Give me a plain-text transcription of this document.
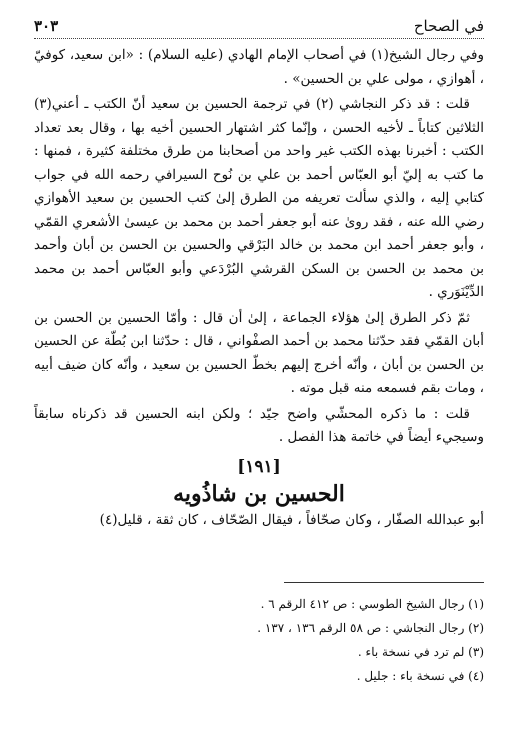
في الصحاح
٣٠٣

وفي رجال الشيخ(١) في أصحاب الإمام الهادي (عليه السلام) : «ابن سعيد، كوفيّ ، أهوازي ، مولى علي بن الحسين» .

قلت : قد ذكر النجاشي (٢) في ترجمة الحسين بن سعيد أنّ الكتب ـ أعني(٣) الثلاثين كتاباً ـ لأخيه الحسن ، وإنّما كثر اشتهار الحسين أخيه بها ، وقال بعد تعداد الكتب : أخبرنا بهذه الكتب غير واحد من أصحابنا من طرق مختلفة كثيرة ، فمنها : ما كتب به إليّ أبو العبّاس أحمد بن علي بن نُوح السيرافي رحمه الله في جواب كتابي إليه ، والذي سألت تعريفه من الطرق إلىٰ كتب الحسين بن سعيد الأهوازي رضي الله عنه ، فقد رویٰ عنه أبو جعفر أحمد بن محمد بن عيسىٰ الأشعري القمّي ، وأبو جعفر أحمد ابن محمد بن خالد البَرْقي والحسين بن الحسن بن أبان وأحمد بن محمد بن الحسن بن السكن القرشي البُرْدَعي وأبو العبّاس أحمد بن محمد الدِّيْنَوَري .

ثمّ ذكر الطرق إلىٰ هؤلاء الجماعة ، إلىٰ أن قال : وأمّا الحسين بن الحسن بن أبان القمّي فقد حدّثنا محمد بن أحمد الصفْواني ، قال : حدّثنا ابن بُطّة عن الحسين بن الحسن بن أبان ، وأنّه أخرج إليهم بخطّ الحسين بن سعيد ، وأنّه كان ضيف أبيه ، ومات بقم فسمعه منه قبل موته .

قلت : ما ذكره المحشّي واضح جيّد ؛ ولكن ابنه الحسين قد ذكرناه سابقاً وسيجيء أيضاً في خاتمة هذا الفصل .

[١٩١]
الحسين بن شاذُويه

أبو عبدالله الصفّار ، وكان صحّافاً ، فيقال الصّحّاف ، كان ثقة ، قليل(٤)

(١) رجال الشيخ الطوسي : ص ٤١٢ الرقم ٦ .
(٢) رجال النجاشي : ص ٥٨ الرقم ١٣٦ ، ١٣٧ .
(٣) لم ترد في نسخة باء .
(٤) في نسخة باء : جليل .
